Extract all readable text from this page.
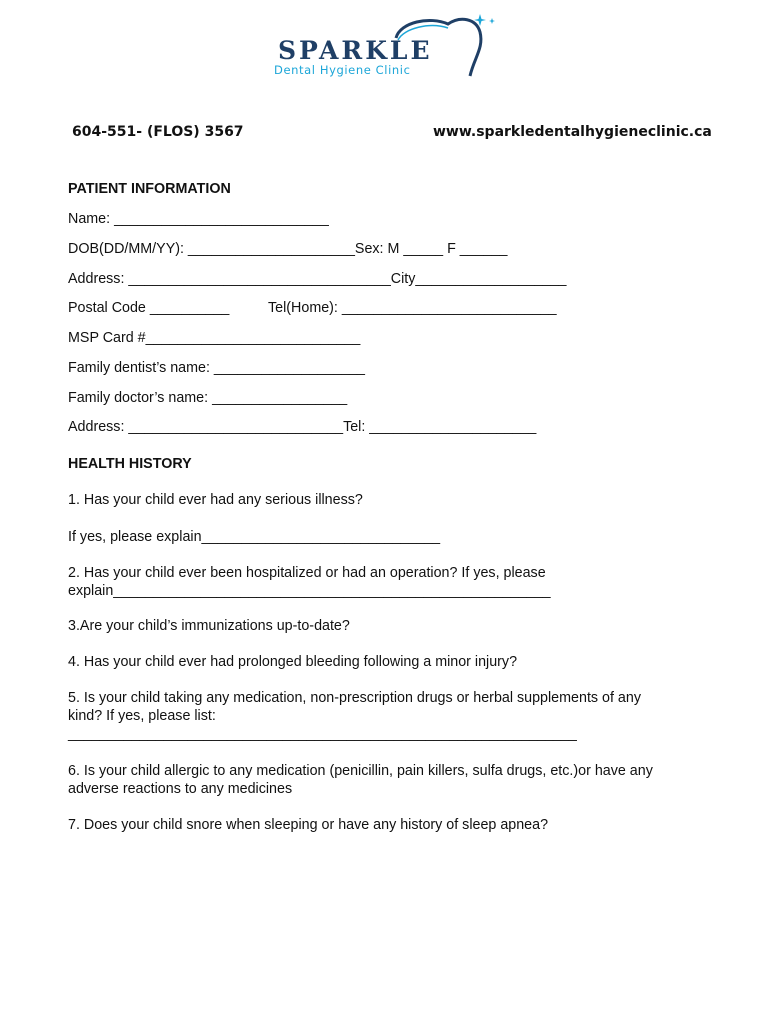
SPARKLE
Dental Hygiene Clinic
604-551- (FLOS) 3567	www.sparkledentalhygieneclinic.ca
PATIENT INFORMATION
Name: ___________________________
DOB(DD/MM/YY): _____________________Sex: M _____ F ______
Address: _________________________________City___________________
Postal Code __________	Tel(Home): ___________________________
MSP Card #___________________________
Family dentist’s name: ___________________
Family doctor’s name: _________________
Address: ___________________________Tel: _____________________
HEALTH HISTORY
1. Has your child ever had any serious illness?
If yes, please explain______________________________
2. Has your child ever been hospitalized or had an operation? If yes, please
explain_______________________________________________________
3.Are your child’s immunizations up-to-date?
4. Has your child ever had prolonged bleeding following a minor injury?
5. Is your child taking any medication, non-prescription drugs or herbal supplements of any
kind? If yes, please list:
________________________________________________________________
6. Is your child allergic to any medication (penicillin, pain killers, sulfa drugs, etc.)or have any
adverse reactions to any medicines
7. Does your child snore when sleeping or have any history of sleep apnea?
